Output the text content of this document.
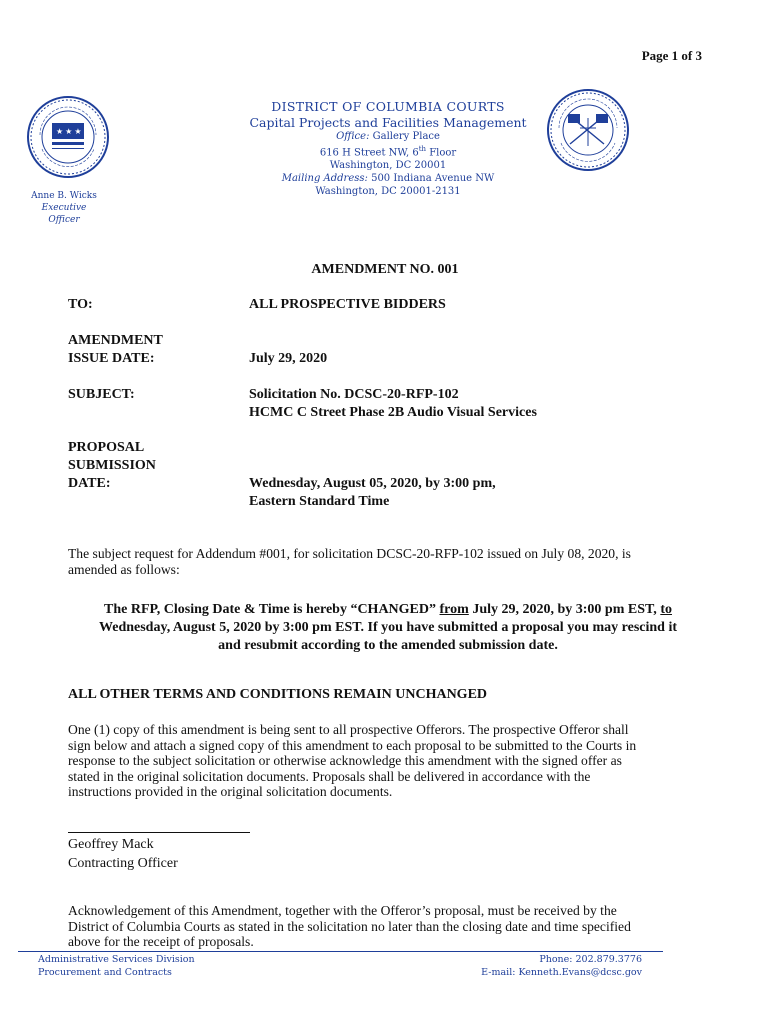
Page 1 of 3
★ ★ ★
DISTRICT OF COLUMBIA COURTS
Capital Projects and Facilities Management
Office: Gallery Place
616 H Street NW, 6th Floor
Washington, DC 20001
Mailing Address: 500 Indiana Avenue NW
Washington, DC 20001-2131
Anne B. Wicks
Executive Officer
AMENDMENT NO. 001
TO:	ALL PROSPECTIVE BIDDERS
AMENDMENT
ISSUE DATE:	July 29, 2020
SUBJECT:	Solicitation No. DCSC-20-RFP-102
HCMC C Street Phase 2B Audio Visual Services
PROPOSAL
SUBMISSION
DATE:	Wednesday, August 05, 2020, by 3:00 pm,
Eastern Standard Time
The subject request for Addendum #001, for solicitation DCSC-20-RFP-102 issued on July 08, 2020, is
amended as follows:
The RFP, Closing Date & Time is hereby “CHANGED” from July 29, 2020, by 3:00 pm EST, to
Wednesday, August 5, 2020 by 3:00 pm EST. If you have submitted a proposal you may rescind it
and resubmit according to the amended submission date.
ALL OTHER TERMS AND CONDITIONS REMAIN UNCHANGED
One (1) copy of this amendment is being sent to all prospective Offerors. The prospective Offeror shall
sign below and attach a signed copy of this amendment to each proposal to be submitted to the Courts in
response to the subject solicitation or otherwise acknowledge this amendment with the signed offer as
stated in the original solicitation documents. Proposals shall be delivered in accordance with the
instructions provided in the original solicitation documents.
Geoffrey Mack
Contracting Officer
Acknowledgement of this Amendment, together with the Offeror’s proposal, must be received by the
District of Columbia Courts as stated in the solicitation no later than the closing date and time specified
above for the receipt of proposals.
Administrative Services Division
Procurement and Contracts
Phone: 202.879.3776
E-mail: Kenneth.Evans@dcsc.gov
